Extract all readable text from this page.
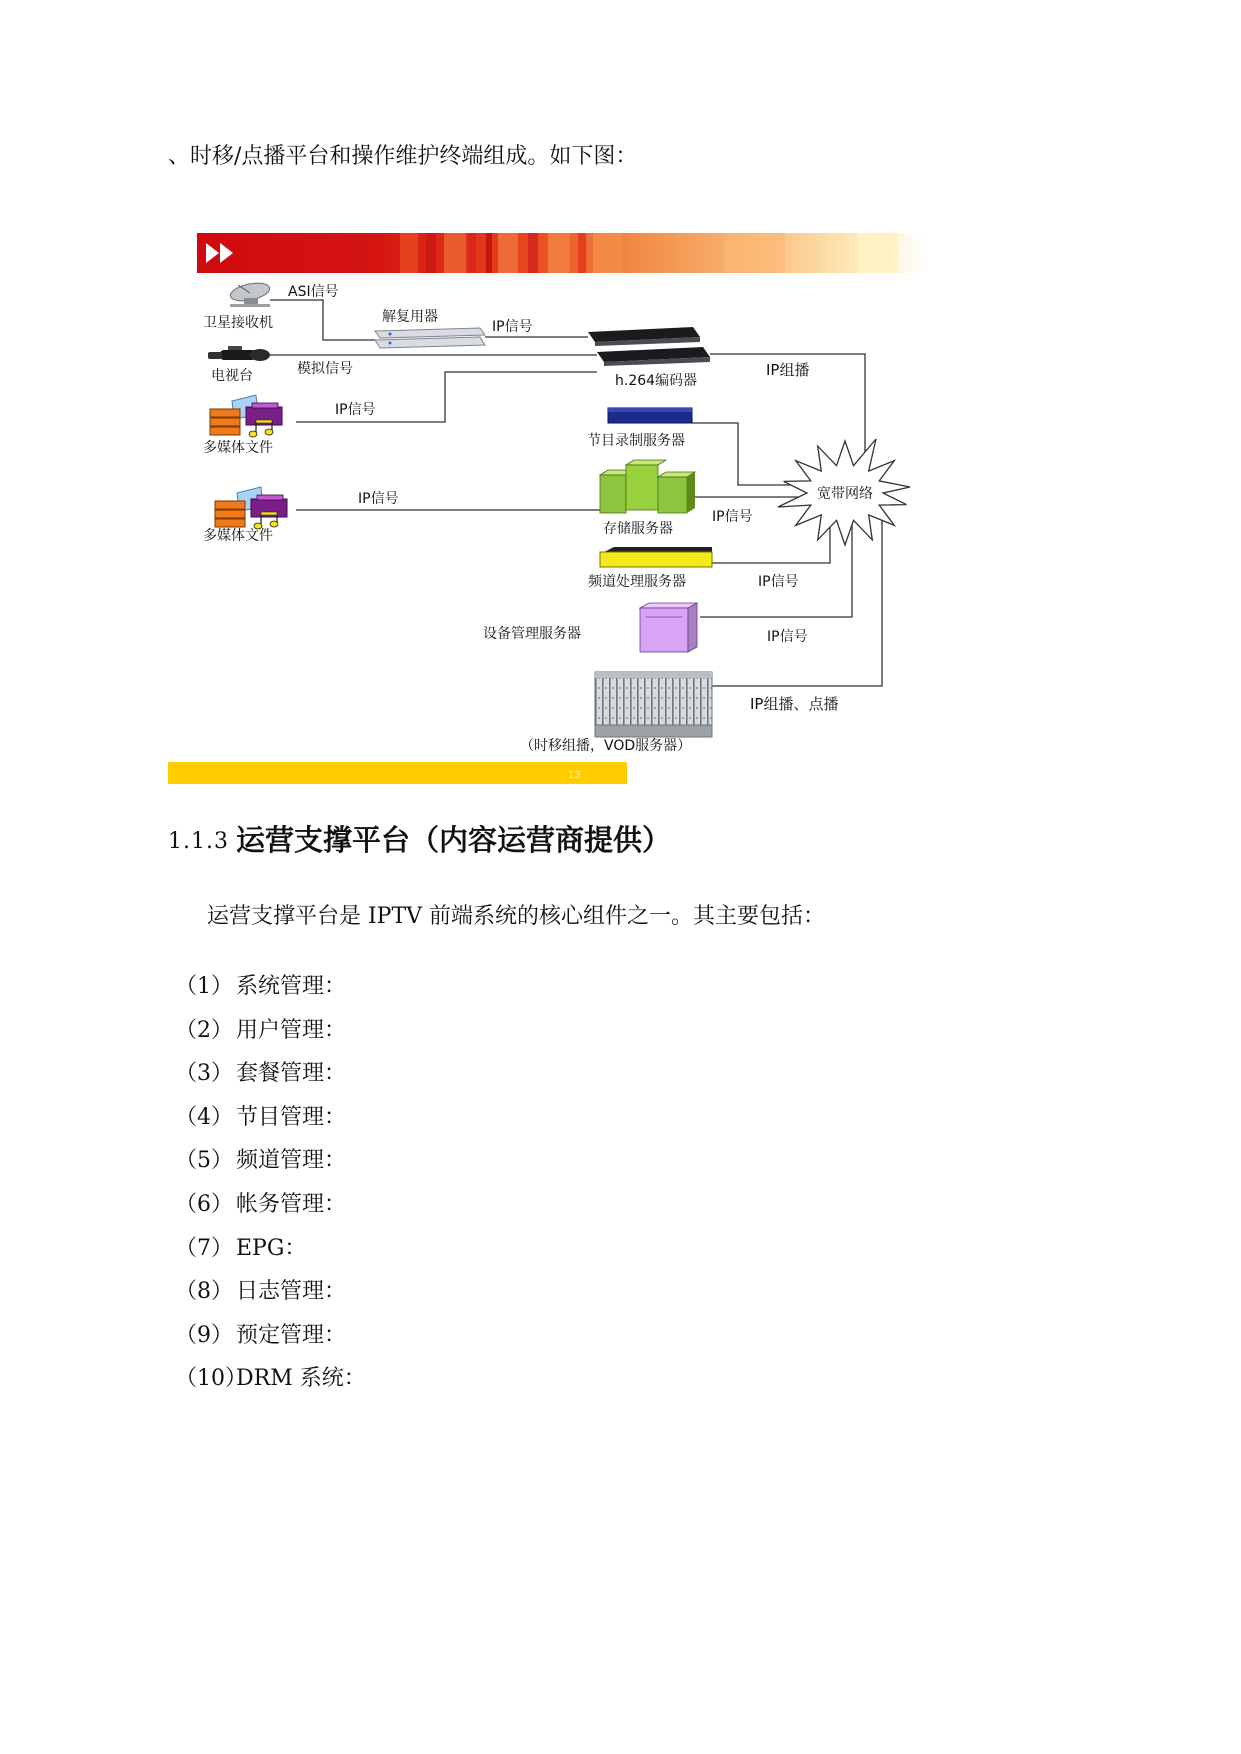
、时移/点播平台和操作维护终端组成。如下图：
卫星接收机
ASI信号
解复用器
IP信号
h.264编码器
电视台	模拟信号	IP组播
多媒体文件
IP信号
节目录制服务器
多媒体文件
IP信号
存储服务器
IP信号
频道处理服务器	IP信号
设备管理服务器	IP信号
（时移组播，VOD服务器）
IP组播、点播
宽带网络
13
1.1.3 运营支撑平台（内容运营商提供）
运营支撑平台是 IPTV 前端系统的核心组件之一。其主要包括：
（1） 系统管理：
（2） 用户管理：
（3） 套餐管理：
（4） 节目管理：
（5） 频道管理：
（6） 帐务管理：
（7） EPG：
（8） 日志管理：
（9） 预定管理：
（10）
DRM 系统：
